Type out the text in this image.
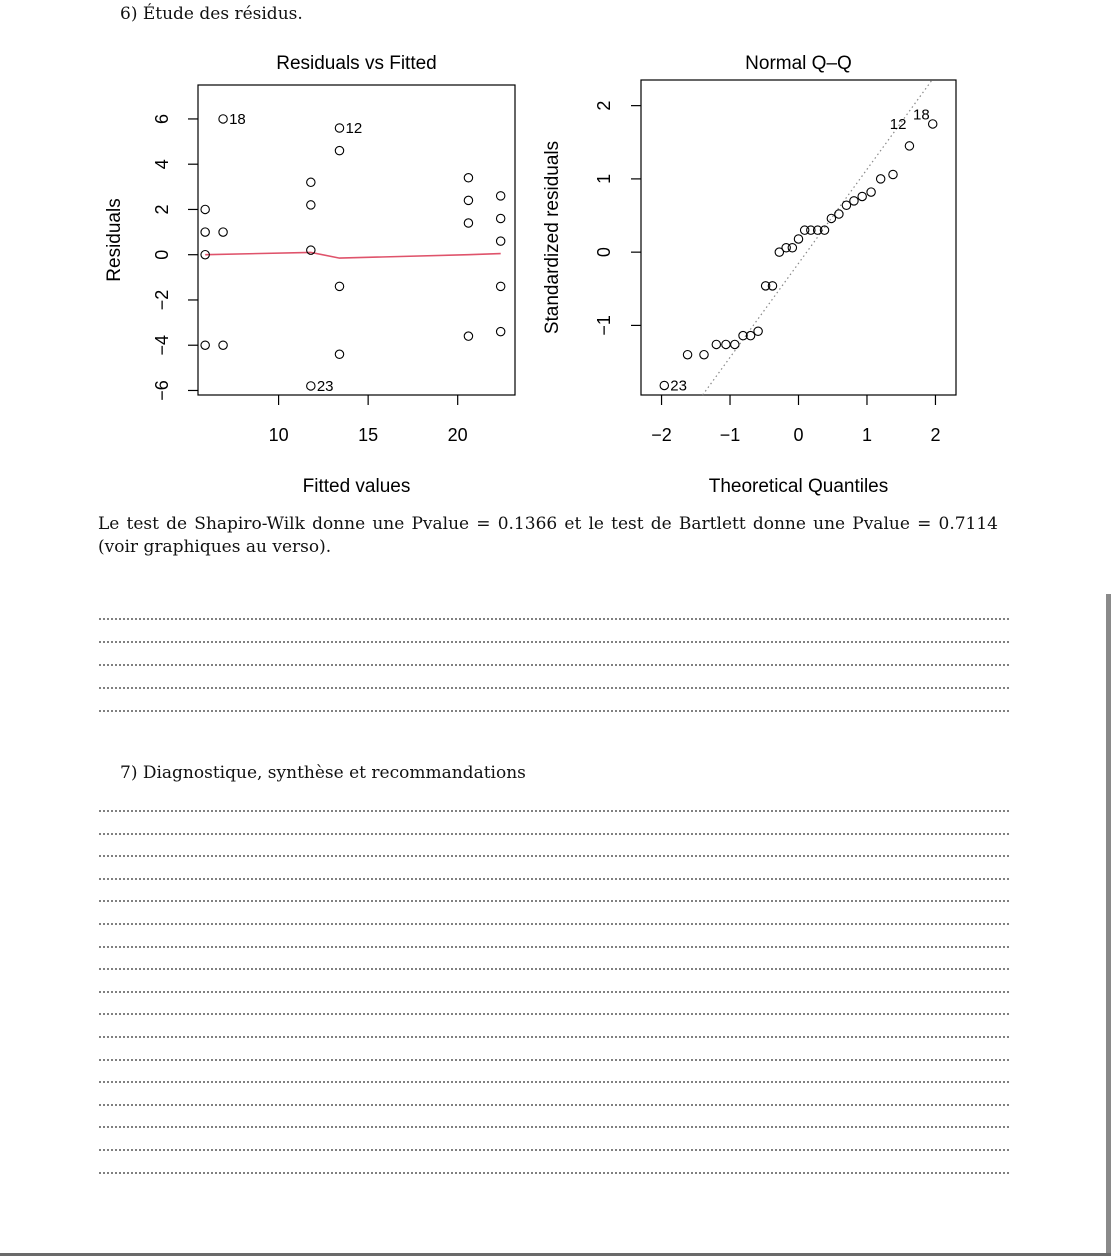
6) Étude des résidus.
Residuals vs Fitted
Fitted values
Residuals
10	15	20
−6
−4
−2
0
2
4
6	18
23
12
Normal Q–Q
Theoretical Quantiles
Standardized residuals
−2	−1	0	1	2
−1
0
1
2
23
12
18
Le test de Shapiro-Wilk donne une Pvalue = 0.1366 et le test de Bartlett donne une Pvalue = 0.7114 (voir graphiques au verso).
7) Diagnostique, synthèse et recommandations
